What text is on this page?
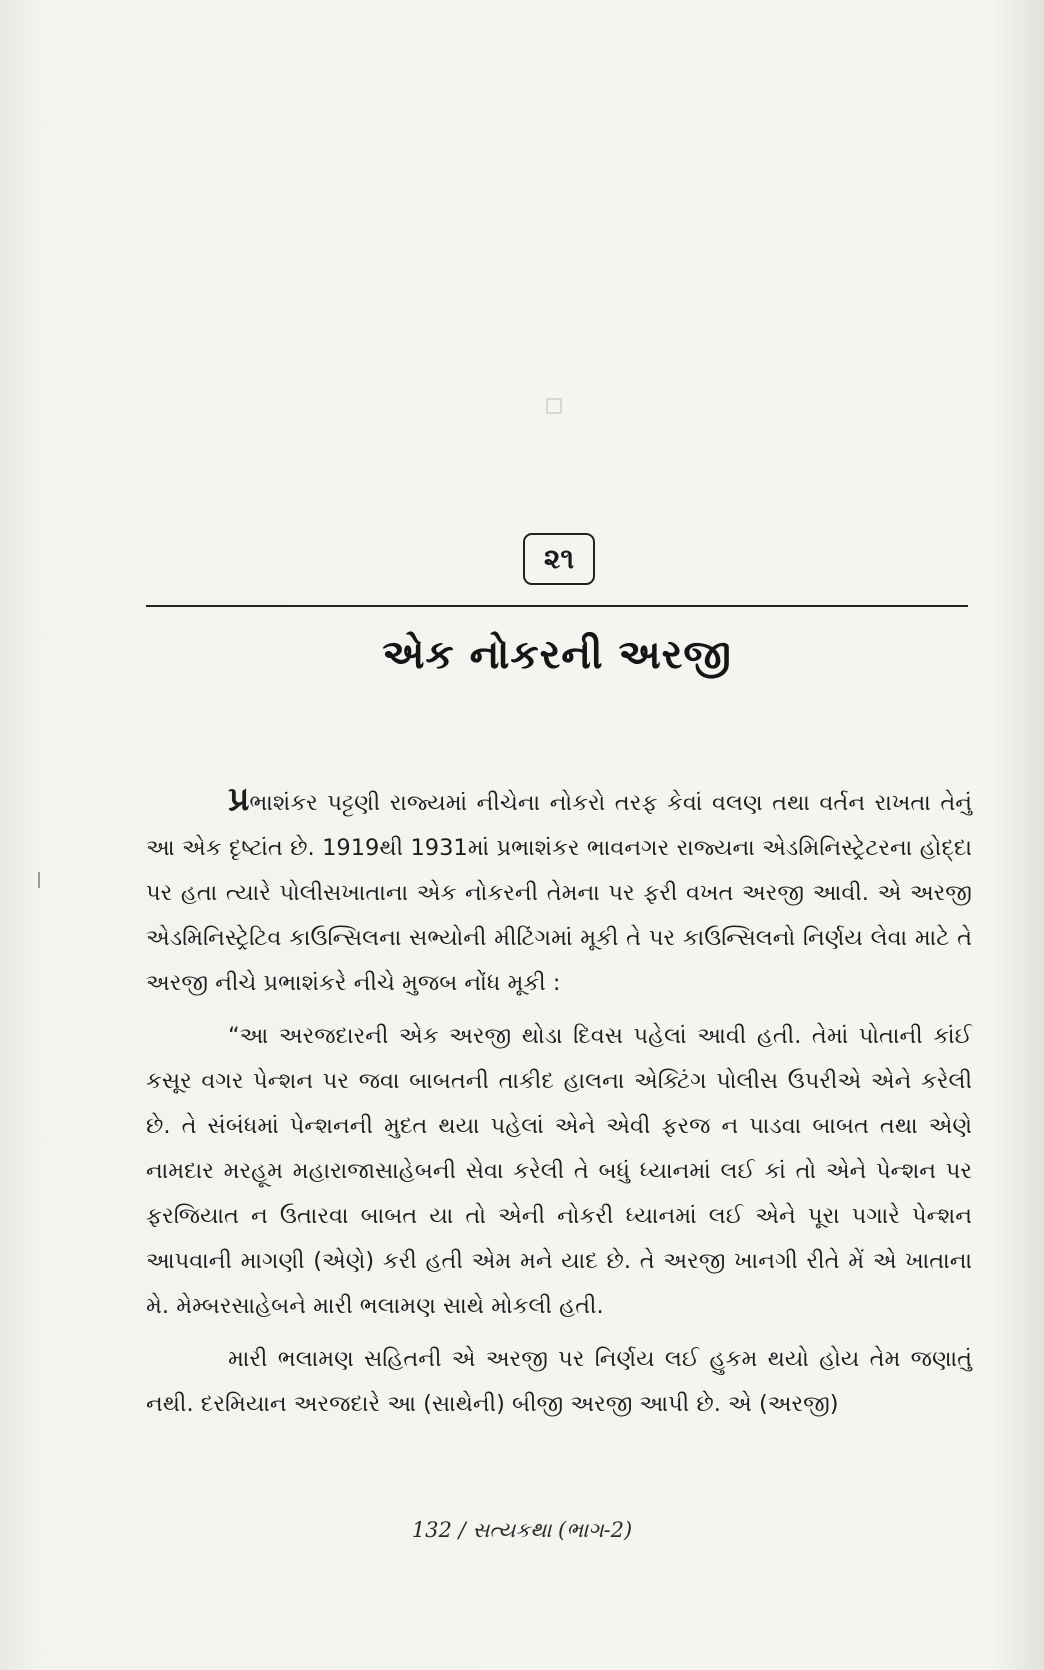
૨૧
એક નોકરની અરજી

પ્રભાશંકર પટ્ટણી રાજ્યમાં નીચેના નોકરો તરફ કેવાં વલણ તથા વર્તન રાખતા તેનું આ એક દૃષ્ટાંત છે. 1919થી 1931માં પ્રભાશંકર ભાવનગર રાજ્યના એડમિનિસ્ટ્રેટરના હોદ્દા પર હતા ત્યારે પોલીસખાતાના એક નોકરની તેમના પર ફરી વખત અરજી આવી. એ અરજી એડમિનિસ્ટ્રેટિવ કાઉન્સિલના સભ્યોની મીટિંગમાં મૂકી તે પર કાઉન્સિલનો નિર્ણય લેવા માટે તે અરજી નીચે પ્રભાશંકરે નીચે મુજબ નોંધ મૂકી :

“આ અરજદારની એક અરજી થોડા દિવસ પહેલાં આવી હતી. તેમાં પોતાની કાંઈ કસૂર વગર પેન્શન પર જવા બાબતની તાકીદ હાલના એક્ટિંગ પોલીસ ઉપરીએ એને કરેલી છે. તે સંબંધમાં પેન્શનની મુદત થયા પહેલાં એને એવી ફરજ ન પાડવા બાબત તથા એણે નામદાર મરહૂમ મહારાજાસાહેબની સેવા કરેલી તે બધું ધ્યાનમાં લઈ કાં તો એને પેન્શન પર ફરજિયાત ન ઉતારવા બાબત યા તો એની નોકરી ધ્યાનમાં લઈ એને પૂરા પગારે પેન્શન આપવાની માગણી (એણે) કરી હતી એમ મને યાદ છે. તે અરજી ખાનગી રીતે મેં એ ખાતાના મે. મેમ્બરસાહેબને મારી ભલામણ સાથે મોકલી હતી.

મારી ભલામણ સહિતની એ અરજી પર નિર્ણય લઈ હુકમ થયો હોય તેમ જણાતું નથી. દરમિયાન અરજદારે આ (સાથેની) બીજી અરજી આપી છે. એ (અરજી)

132 / સત્યકથા (ભાગ-2)
